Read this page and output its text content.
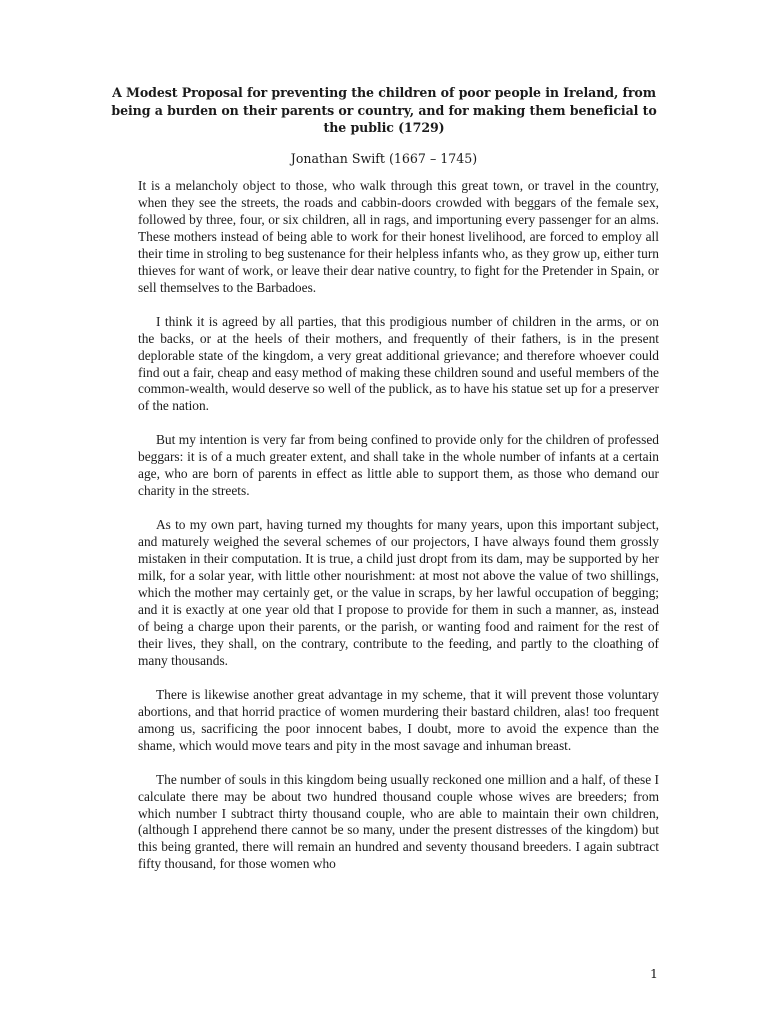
A Modest Proposal for preventing the children of poor people in Ireland, from being a burden on their parents or country, and for making them beneficial to the public (1729)

Jonathan Swift (1667 – 1745)

It is a melancholy object to those, who walk through this great town, or travel in the country, when they see the streets, the roads and cabbin-doors crowded with beggars of the female sex, followed by three, four, or six children, all in rags, and importuning every passenger for an alms. These mothers instead of being able to work for their honest livelihood, are forced to employ all their time in stroling to beg sustenance for their helpless infants who, as they grow up, either turn thieves for want of work, or leave their dear native country, to fight for the Pretender in Spain, or sell themselves to the Barbadoes.

I think it is agreed by all parties, that this prodigious number of children in the arms, or on the backs, or at the heels of their mothers, and frequently of their fathers, is in the present deplorable state of the kingdom, a very great additional grievance; and therefore whoever could find out a fair, cheap and easy method of making these children sound and useful members of the common-wealth, would deserve so well of the publick, as to have his statue set up for a preserver of the nation.

But my intention is very far from being confined to provide only for the children of professed beggars: it is of a much greater extent, and shall take in the whole number of infants at a certain age, who are born of parents in effect as little able to support them, as those who demand our charity in the streets.

As to my own part, having turned my thoughts for many years, upon this important subject, and maturely weighed the several schemes of our projectors, I have always found them grossly mistaken in their computation. It is true, a child just dropt from its dam, may be supported by her milk, for a solar year, with little other nourishment: at most not above the value of two shillings, which the mother may certainly get, or the value in scraps, by her lawful occupation of begging; and it is exactly at one year old that I propose to provide for them in such a manner, as, instead of being a charge upon their parents, or the parish, or wanting food and raiment for the rest of their lives, they shall, on the contrary, contribute to the feeding, and partly to the cloathing of many thousands.

There is likewise another great advantage in my scheme, that it will prevent those voluntary abortions, and that horrid practice of women murdering their bastard children, alas! too frequent among us, sacrificing the poor innocent babes, I doubt, more to avoid the expence than the shame, which would move tears and pity in the most savage and inhuman breast.

The number of souls in this kingdom being usually reckoned one million and a half, of these I calculate there may be about two hundred thousand couple whose wives are breeders; from which number I subtract thirty thousand couple, who are able to maintain their own children, (although I apprehend there cannot be so many, under the present distresses of the kingdom) but this being granted, there will remain an hundred and seventy thousand breeders. I again subtract fifty thousand, for those women who

1
